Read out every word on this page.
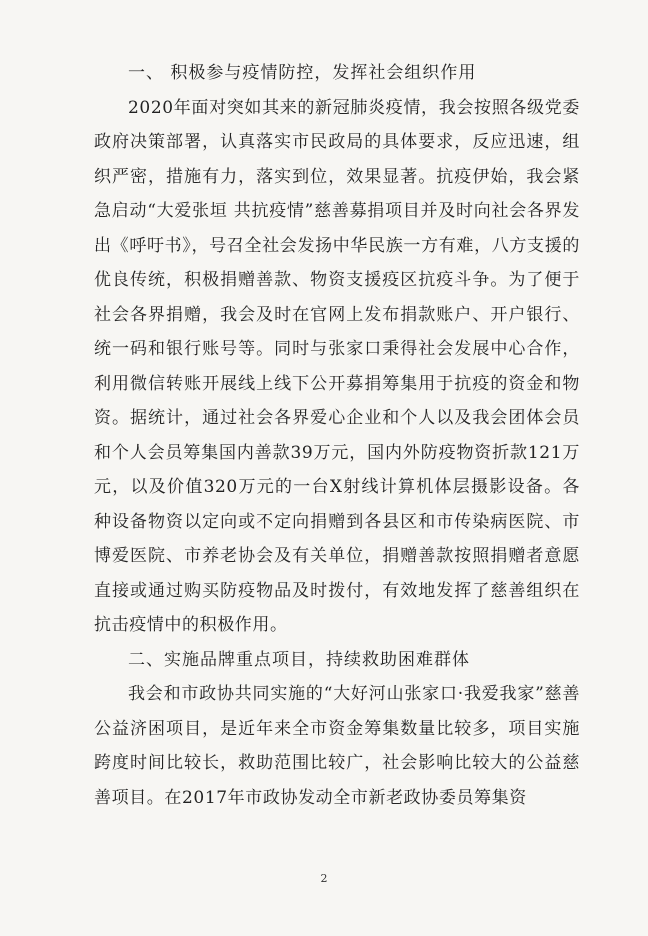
一、 积极参与疫情防控，发挥社会组织作用

2020年面对突如其来的新冠肺炎疫情，我会按照各级党委政府决策部署，认真落实市民政局的具体要求，反应迅速，组织严密，措施有力，落实到位，效果显著。抗疫伊始，我会紧急启动“大爱张垣 共抗疫情”慈善募捐项目并及时向社会各界发出《呼吁书》，号召全社会发扬中华民族一方有难，八方支援的优良传统，积极捐赠善款、物资支援疫区抗疫斗争。为了便于社会各界捐赠，我会及时在官网上发布捐款账户、开户银行、统一码和银行账号等。同时与张家口秉得社会发展中心合作，利用微信转账开展线上线下公开募捐筹集用于抗疫的资金和物资。据统计，通过社会各界爱心企业和个人以及我会团体会员和个人会员筹集国内善款39万元，国内外防疫物资折款121万元，以及价值320万元的一台X射线计算机体层摄影设备。各种设备物资以定向或不定向捐赠到各县区和市传染病医院、市博爱医院、市养老协会及有关单位，捐赠善款按照捐赠者意愿直接或通过购买防疫物品及时拨付，有效地发挥了慈善组织在抗击疫情中的积极作用。

二、实施品牌重点项目，持续救助困难群体

我会和市政协共同实施的“大好河山张家口·我爱我家”慈善公益济困项目，是近年来全市资金筹集数量比较多，项目实施跨度时间比较长，救助范围比较广，社会影响比较大的公益慈善项目。在2017年市政协发动全市新老政协委员筹集资

2
